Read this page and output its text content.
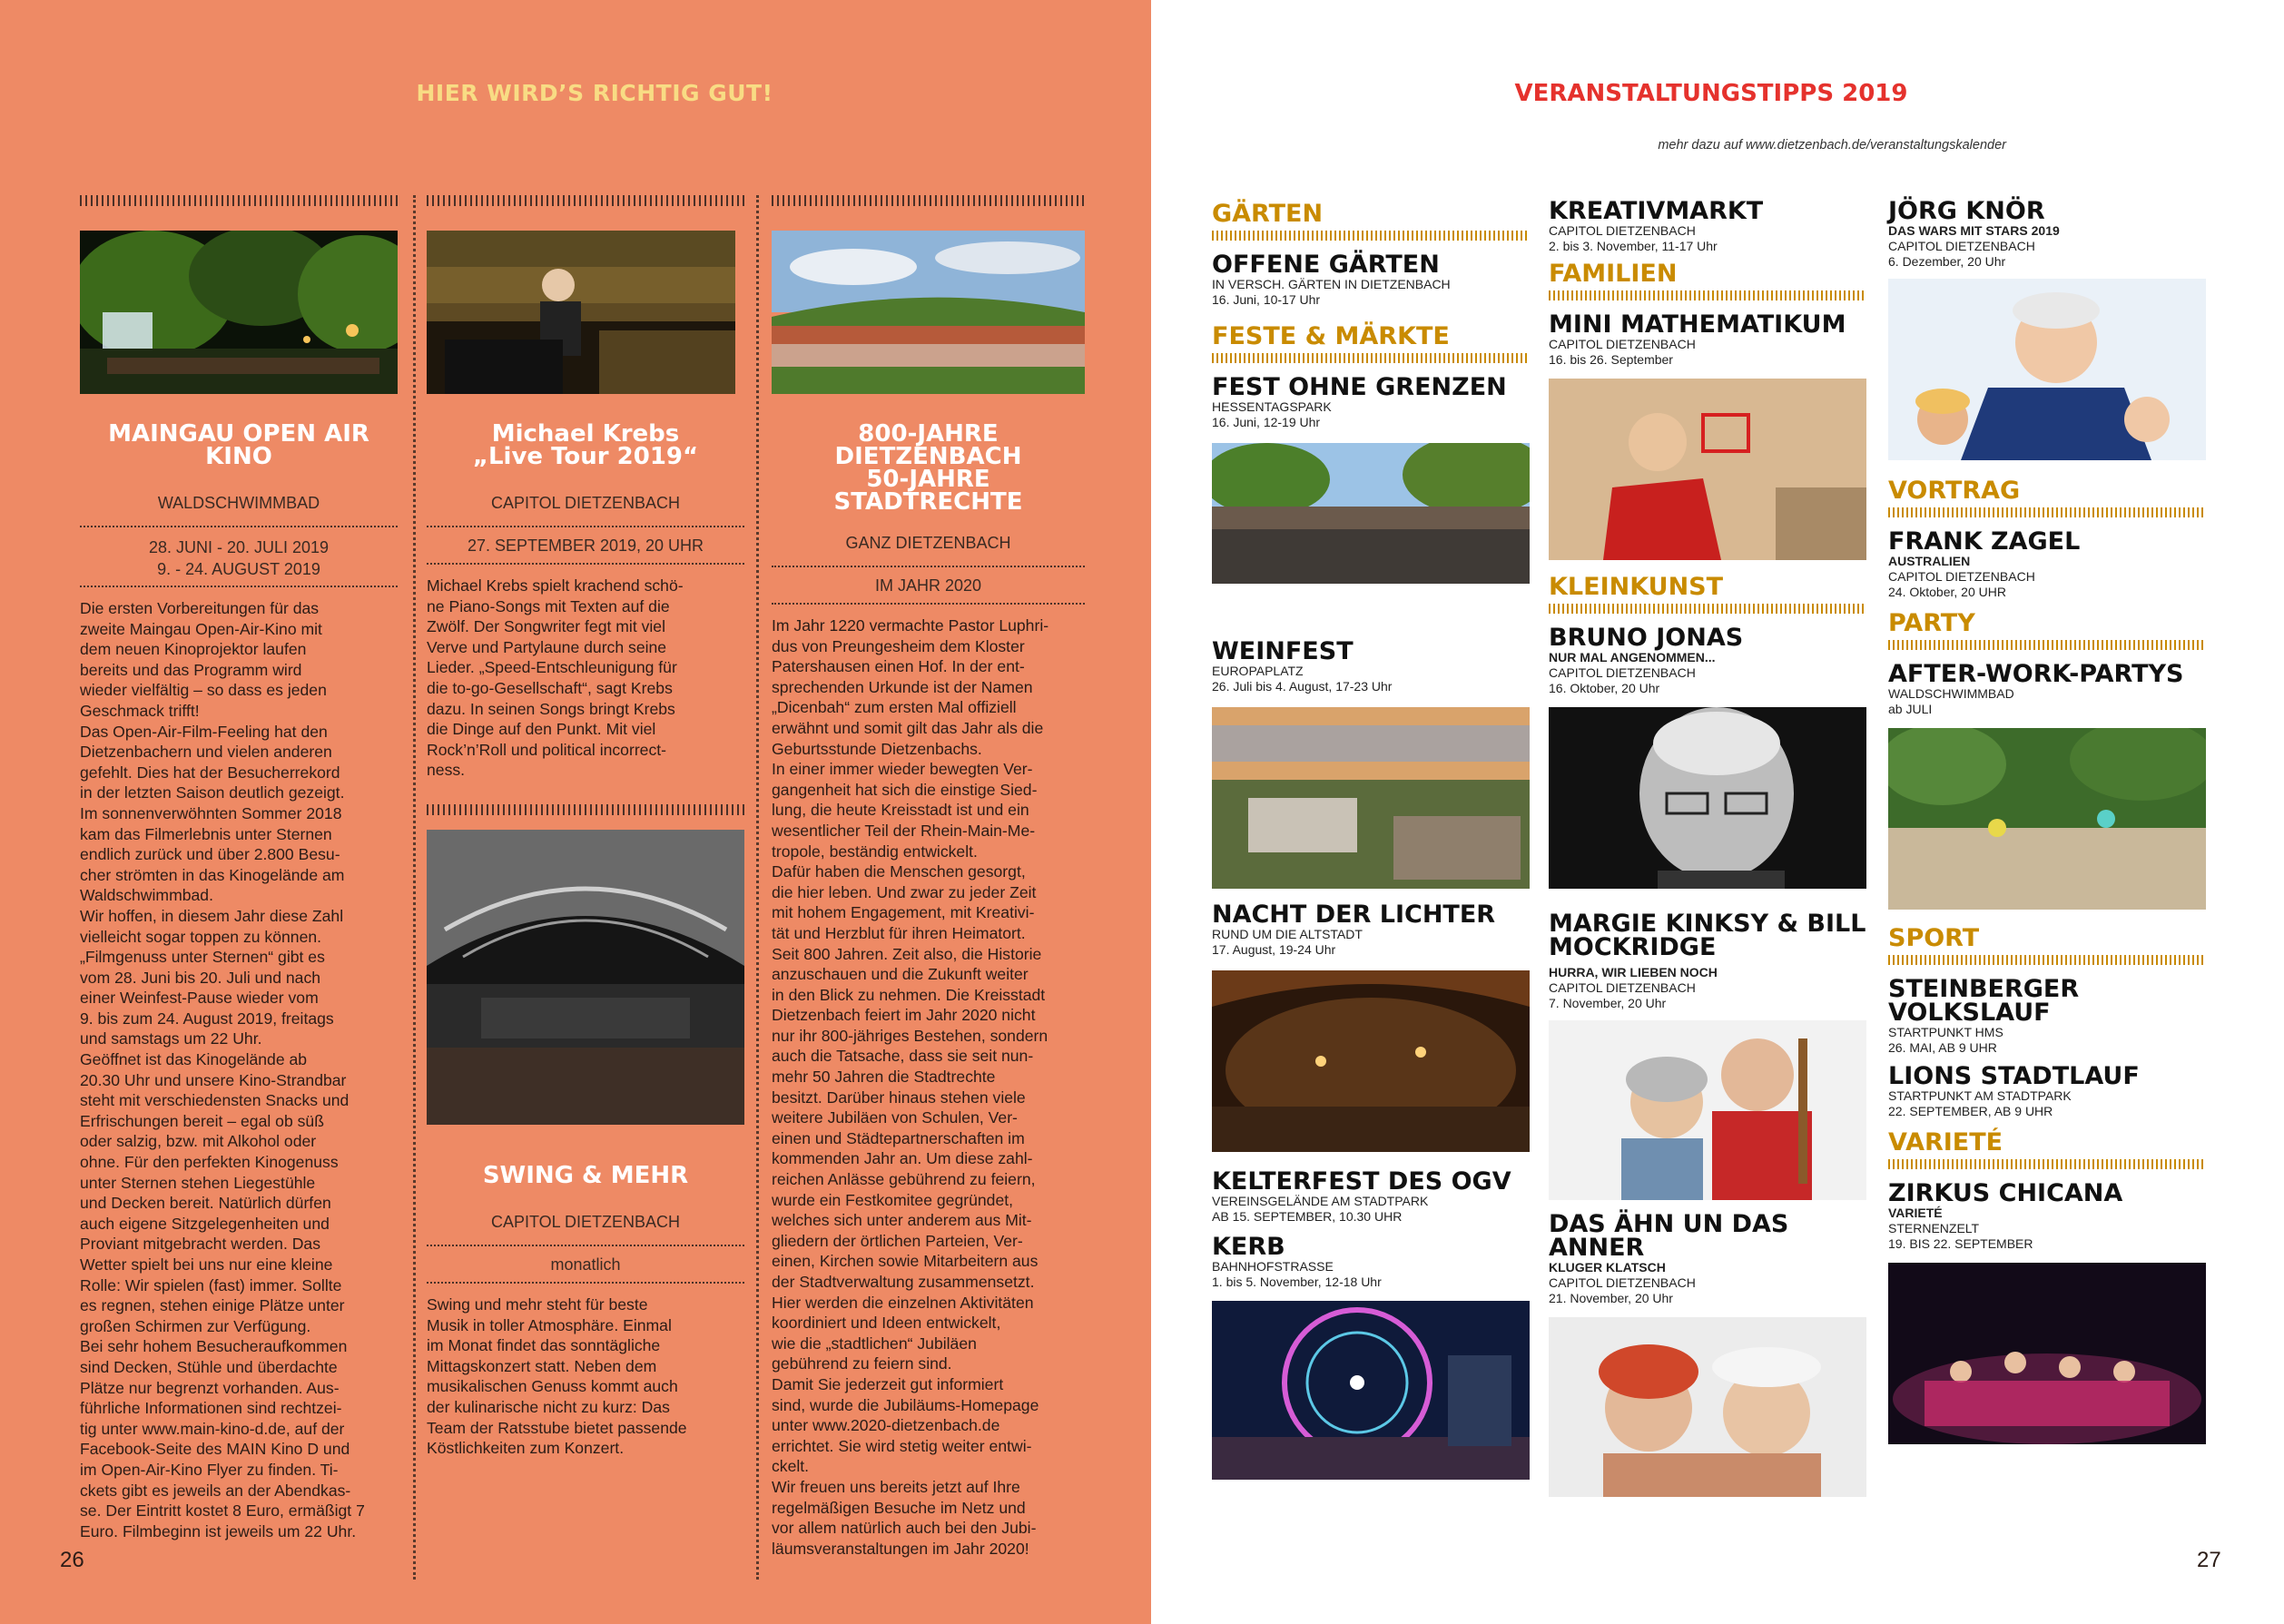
HIER WIRD’S RICHTIG GUT!
MAINGAU OPEN AIR KINO
WALDSCHWIMMBAD
28. JUNI - 20. JULI 2019
9. - 24. AUGUST 2019

Die ersten Vorbereitungen für das
zweite Maingau Open-Air-Kino mit
dem neuen Kinoprojektor laufen
bereits und das Programm wird
wieder vielfältig – so dass es jeden
Geschmack trifft!
Das Open-Air-Film-Feeling hat den
Dietzenbachern und vielen anderen
gefehlt. Dies hat der Besucherrekord
in der letzten Saison deutlich gezeigt.
Im sonnenverwöhnten Sommer 2018
kam das Filmerlebnis unter Sternen
endlich zurück und über 2.800 Besu-
cher strömten in das Kinogelände am
Waldschwimmbad.
Wir hoffen, in diesem Jahr diese Zahl
vielleicht sogar toppen zu können.
„Filmgenuss unter Sternen“ gibt es
vom 28. Juni bis 20. Juli und nach
einer Weinfest-Pause wieder vom
9. bis zum 24. August 2019, freitags
und samstags um 22 Uhr.
Geöffnet ist das Kinogelände ab
20.30 Uhr und unsere Kino-Strandbar
steht mit verschiedensten Snacks und
Erfrischungen bereit – egal ob süß
oder salzig, bzw. mit Alkohol oder
ohne. Für den perfekten Kinogenuss
unter Sternen stehen Liegestühle
und Decken bereit. Natürlich dürfen
auch eigene Sitzgelegenheiten und
Proviant mitgebracht werden. Das
Wetter spielt bei uns nur eine kleine
Rolle: Wir spielen (fast) immer. Sollte
es regnen, stehen einige Plätze unter
großen Schirmen zur Verfügung.
Bei sehr hohem Besucheraufkommen
sind Decken, Stühle und überdachte
Plätze nur begrenzt vorhanden. Aus-
führliche Informationen sind rechtzei-
tig unter www.main-kino-d.de, auf der
Facebook-Seite des MAIN Kino D und
im Open-Air-Kino Flyer zu finden. Ti-
ckets gibt es jeweils an der Abendkas-
se. Der Eintritt kostet 8 Euro, ermäßigt 7
Euro. Filmbeginn ist jeweils um 22 Uhr.

Michael Krebs
„Live Tour 2019“
CAPITOL DIETZENBACH
27. SEPTEMBER 2019, 20 UHR

Michael Krebs spielt krachend schö-
ne Piano-Songs mit Texten auf die
Zwölf. Der Songwriter fegt mit viel
Verve und Partylaune durch seine
Lieder. „Speed-Entschleunigung für
die to-go-Gesellschaft“, sagt Krebs
dazu. In seinen Songs bringt Krebs
die Dinge auf den Punkt. Mit viel
Rock’n’Roll und political incorrect-
ness.

SWING & MEHR
CAPITOL DIETZENBACH
monatlich

Swing und mehr steht für beste
Musik in toller Atmosphäre. Einmal
im Monat findet das sonntägliche
Mittagskonzert statt. Neben dem
musikalischen Genuss kommt auch
der kulinarische nicht zu kurz: Das
Team der Ratsstube bietet passende
Köstlichkeiten zum Konzert.

800-JAHRE
DIETZENBACH
50-JAHRE
STADTRECHTE
GANZ DIETZENBACH
IM JAHR 2020

Im Jahr 1220 vermachte Pastor Luphri-
dus von Preungesheim dem Kloster
Patershausen einen Hof. In der ent-
sprechenden Urkunde ist der Namen
„Dicenbah“ zum ersten Mal offiziell
erwähnt und somit gilt das Jahr als die
Geburtsstunde Dietzenbachs.
In einer immer wieder bewegten Ver-
gangenheit hat sich die einstige Sied-
lung, die heute Kreisstadt ist und ein
wesentlicher Teil der Rhein-Main-Me-
tropole, beständig entwickelt.
Dafür haben die Menschen gesorgt,
die hier leben. Und zwar zu jeder Zeit
mit hohem Engagement, mit Kreativi-
tät und Herzblut für ihren Heimatort.
Seit 800 Jahren. Zeit also, die Historie
anzuschauen und die Zukunft weiter
in den Blick zu nehmen. Die Kreisstadt
Dietzenbach feiert im Jahr 2020 nicht
nur ihr 800-jähriges Bestehen, sondern
auch die Tatsache, dass sie seit nun-
mehr 50 Jahren die Stadtrechte
besitzt. Darüber hinaus stehen viele
weitere Jubiläen von Schulen, Ver-
einen und Städtepartnerschaften im
kommenden Jahr an. Um diese zahl-
reichen Anlässe gebührend zu feiern,
wurde ein Festkomitee gegründet,
welches sich unter anderem aus Mit-
gliedern der örtlichen Parteien, Ver-
einen, Kirchen sowie Mitarbeitern aus
der Stadtverwaltung zusammensetzt.
Hier werden die einzelnen Aktivitäten
koordiniert und Ideen entwickelt,
wie die „stadtlichen“ Jubiläen
gebührend zu feiern sind.
Damit Sie jederzeit gut informiert
sind, wurde die Jubiläums-Homepage
unter www.2020-dietzenbach.de
errichtet. Sie wird stetig weiter entwi-
ckelt.
Wir freuen uns bereits jetzt auf Ihre
regelmäßigen Besuche im Netz und
vor allem natürlich auch bei den Jubi-
läumsveranstaltungen im Jahr 2020!

26
VERANSTALTUNGSTIPPS 2019
mehr dazu auf www.dietzenbach.de/veranstaltungskalender
GÄRTEN
OFFENE GÄRTEN
IN VERSCH. GÄRTEN IN DIETZENBACH
16. Juni, 10-17 Uhr
FESTE & MÄRKTE
FEST OHNE GRENZEN
HESSENTAGSPARK
16. Juni, 12-19 Uhr
WEINFEST
EUROPAPLATZ
26. Juli bis 4. August, 17-23 Uhr
NACHT DER LICHTER
RUND UM DIE ALTSTADT
17. August, 19-24 Uhr
KELTERFEST DES OGV
VEREINSGELÄNDE AM STADTPARK
AB 15. SEPTEMBER, 10.30 UHR
KERB
BAHNHOFSTRASSE
1. bis 5. November, 12-18 Uhr
KREATIVMARKT
CAPITOL DIETZENBACH
2. bis 3. November, 11-17 Uhr
FAMILIEN
MINI MATHEMATIKUM
CAPITOL DIETZENBACH
16. bis 26. September
KLEINKUNST
BRUNO JONAS
NUR MAL ANGENOMMEN...
CAPITOL DIETZENBACH
16. Oktober, 20 Uhr
MARGIE KINKSY & BILL MOCKRIDGE
HURRA, WIR LIEBEN NOCH
CAPITOL DIETZENBACH
7. November, 20 Uhr
DAS ÄHN UN DAS ANNER
KLUGER KLATSCH
CAPITOL DIETZENBACH
21. November, 20 Uhr
JÖRG KNÖR
DAS WARS MIT STARS 2019
CAPITOL DIETZENBACH
6. Dezember, 20 Uhr
VORTRAG
FRANK ZAGEL
AUSTRALIEN
CAPITOL DIETZENBACH
24. Oktober, 20 UHR
PARTY
AFTER-WORK-PARTYS
WALDSCHWIMMBAD
ab JULI
SPORT
STEINBERGER VOLKSLAUF
STARTPUNKT HMS
26. MAI, AB 9 UHR
LIONS STADTLAUF
STARTPUNKT AM STADTPARK
22. SEPTEMBER, AB 9 UHR
VARIETÉ
ZIRKUS CHICANA
VARIETÉ
STERNENZELT
19. BIS 22. SEPTEMBER
27
